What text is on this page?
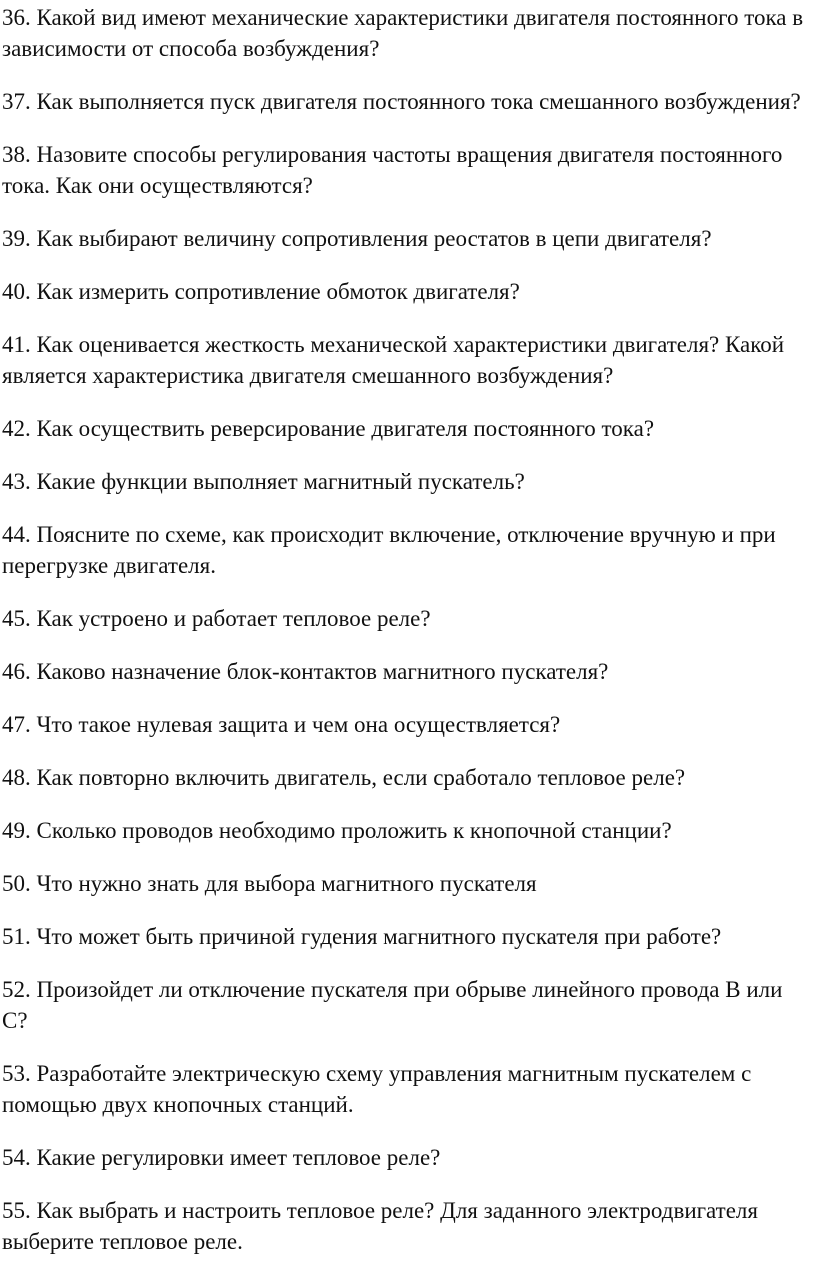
36. Какой вид имеют механические характеристики двигателя постоянного тока в зависимости от способа возбуждения?

37. Как выполняется пуск двигателя постоянного тока смешанного возбуждения?

38. Назовите способы регулирования частоты вращения двигателя постоянного тока. Как они осуществляются?

39. Как выбирают величину сопротивления реостатов в цепи двигателя?

40. Как измерить сопротивление обмоток двигателя?

41. Как оценивается жесткость механической характеристики двигателя? Какой является характеристика двигателя смешанного возбуждения?

42. Как осуществить реверсирование двигателя постоянного тока?

43. Какие функции выполняет магнитный пускатель?

44. Поясните по схеме, как происходит включение, отключение вручную и при перегрузке двигателя.

45. Как устроено и работает тепловое реле?

46. Каково назначение блок-контактов магнитного пускателя?

47. Что такое нулевая защита и чем она осуществляется?

48. Как повторно включить двигатель, если сработало тепловое реле?

49. Сколько проводов необходимо проложить к кнопочной станции?

50. Что нужно знать для выбора магнитного пускателя

51. Что может быть причиной гудения магнитного пускателя при работе?

52. Произойдет ли отключение пускателя при обрыве линейного провода В или С?

53. Разработайте электрическую схему управления магнитным пускателем с помощью двух кнопочных станций.

54. Какие регулировки имеет тепловое реле?

55. Как выбрать и настроить тепловое реле? Для заданного электродвигателя выберите тепловое реле.
